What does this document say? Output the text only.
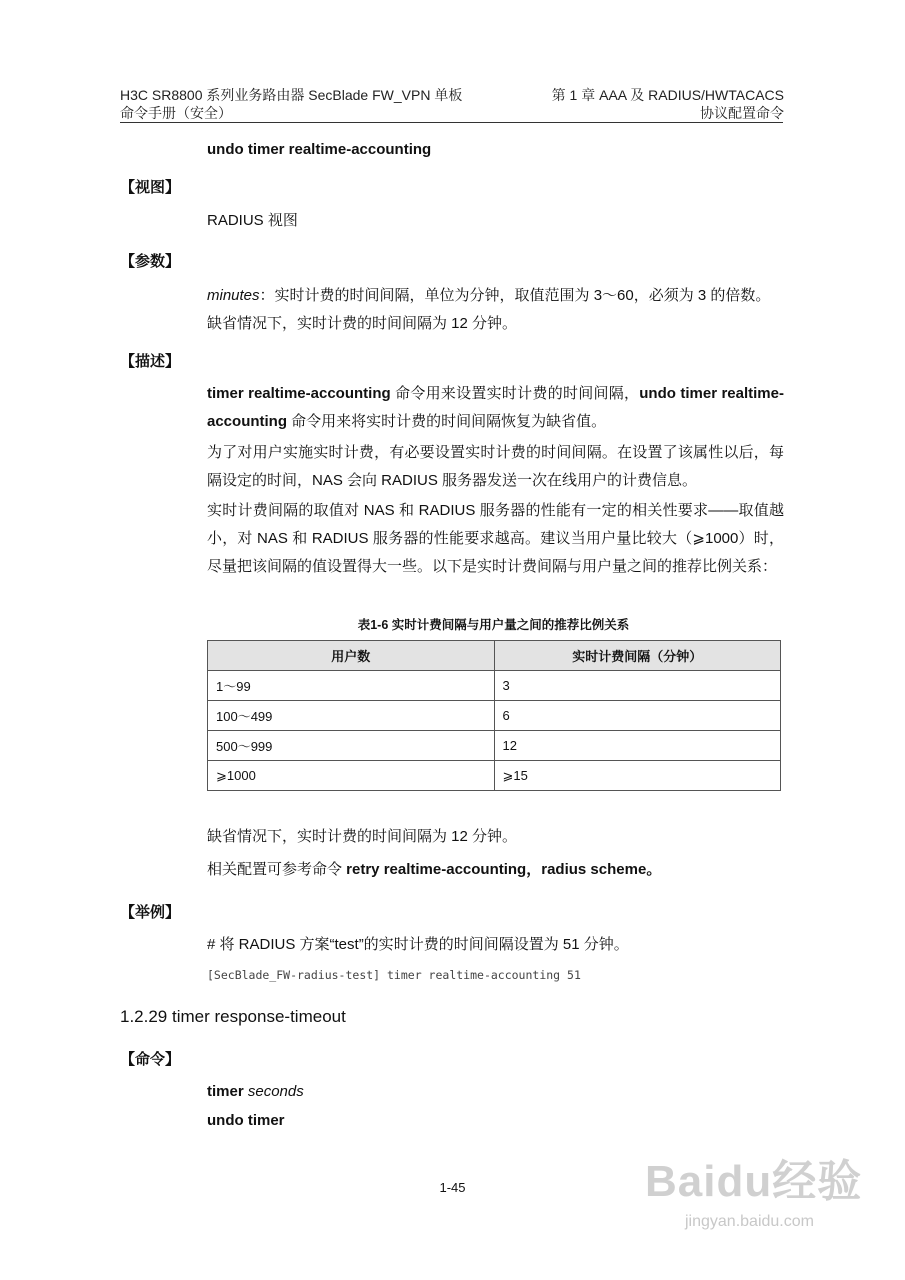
H3C SR8800 系列业务路由器 SecBlade FW_VPN 单板
命令手册（安全）
第 1 章 AAA 及 RADIUS/HWTACACS
协议配置命令
undo timer realtime-accounting
【视图】
RADIUS 视图
【参数】
minutes：实时计费的时间间隔，单位为分钟，取值范围为 3～60，必须为 3 的倍数。
缺省情况下，实时计费的时间间隔为 12 分钟。
【描述】
timer realtime-accounting 命令用来设置实时计费的时间间隔，undo timer realtime-accounting 命令用来将实时计费的时间间隔恢复为缺省值。
为了对用户实施实时计费，有必要设置实时计费的时间间隔。在设置了该属性以后，每隔设定的时间，NAS 会向 RADIUS 服务器发送一次在线用户的计费信息。
实时计费间隔的取值对 NAS 和 RADIUS 服务器的性能有一定的相关性要求——取值越小，对 NAS 和 RADIUS 服务器的性能要求越高。建议当用户量比较大（⩾1000）时，尽量把该间隔的值设置得大一些。以下是实时计费间隔与用户量之间的推荐比例关系：
表1-6 实时计费间隔与用户量之间的推荐比例关系
用户数	实时计费间隔（分钟）
1～99	3
100～499	6
500～999	12
⩾1000	⩾15
缺省情况下，实时计费的时间间隔为 12 分钟。
相关配置可参考命令 retry realtime-accounting，radius scheme。
【举例】
# 将 RADIUS 方案“test”的实时计费的时间间隔设置为 51 分钟。
[SecBlade_FW-radius-test] timer realtime-accounting 51
1.2.29 timer response-timeout
【命令】
timer seconds
undo timer
1-45	Baidu经验
jingyan.baidu.com
